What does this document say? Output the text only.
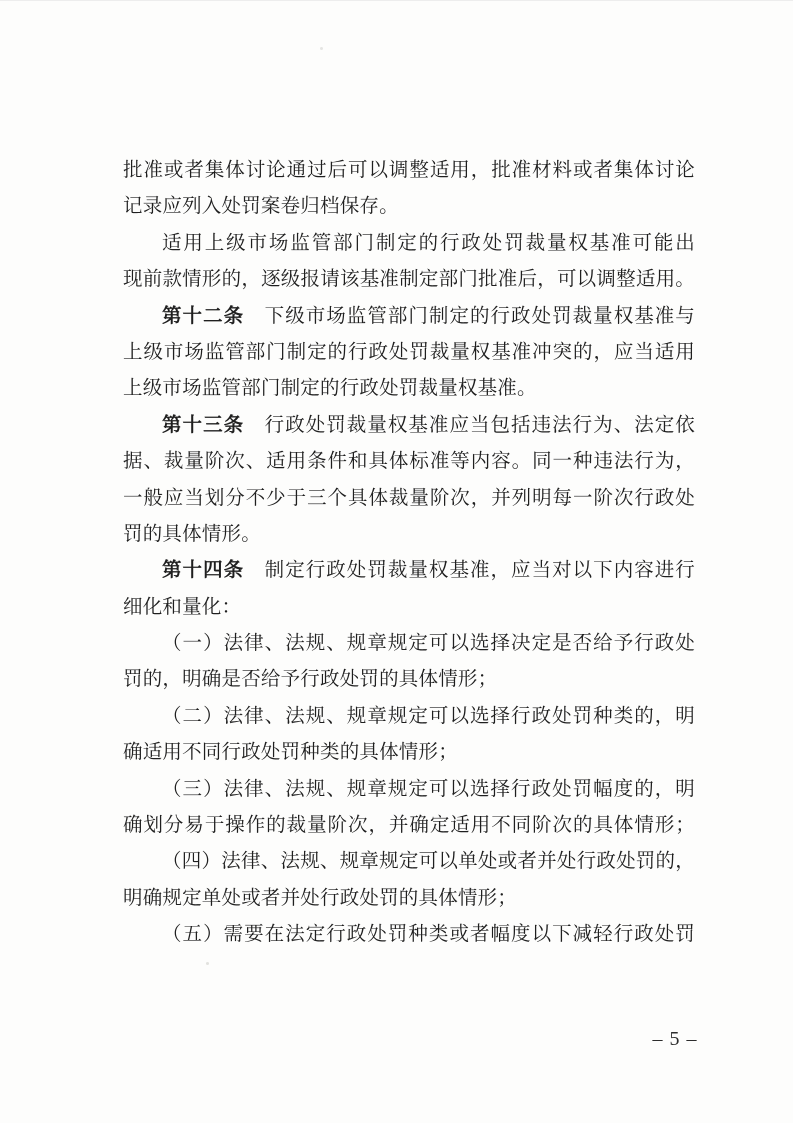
批准或者集体讨论通过后可以调整适用，批准材料或者集体讨论
记录应列入处罚案卷归档保存。
适用上级市场监管部门制定的行政处罚裁量权基准可能出
现前款情形的，逐级报请该基准制定部门批准后，可以调整适用。
第十二条　下级市场监管部门制定的行政处罚裁量权基准与
上级市场监管部门制定的行政处罚裁量权基准冲突的，应当适用
上级市场监管部门制定的行政处罚裁量权基准。
第十三条　行政处罚裁量权基准应当包括违法行为、法定依
据、裁量阶次、适用条件和具体标准等内容。同一种违法行为，
一般应当划分不少于三个具体裁量阶次，并列明每一阶次行政处
罚的具体情形。
第十四条　制定行政处罚裁量权基准，应当对以下内容进行
细化和量化：
（一）法律、法规、规章规定可以选择决定是否给予行政处
罚的，明确是否给予行政处罚的具体情形；
（二）法律、法规、规章规定可以选择行政处罚种类的，明
确适用不同行政处罚种类的具体情形；
（三）法律、法规、规章规定可以选择行政处罚幅度的，明
确划分易于操作的裁量阶次，并确定适用不同阶次的具体情形；
（四）法律、法规、规章规定可以单处或者并处行政处罚的，
明确规定单处或者并处行政处罚的具体情形；
（五）需要在法定行政处罚种类或者幅度以下减轻行政处罚
– 5 –
